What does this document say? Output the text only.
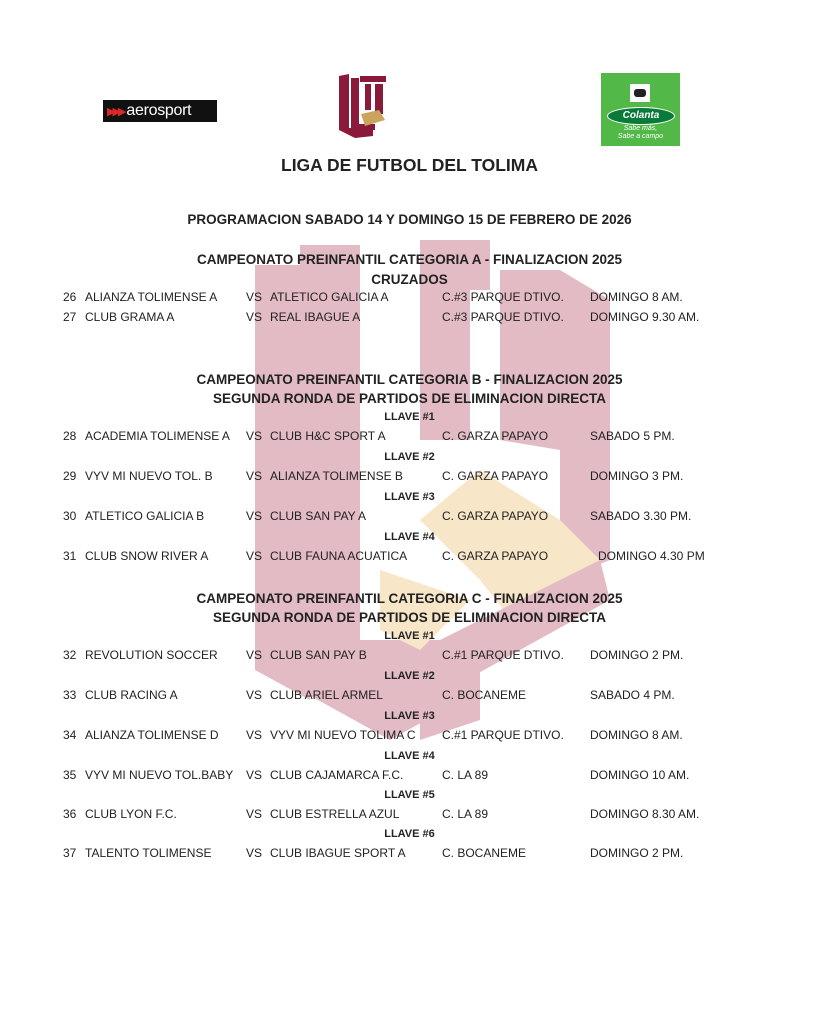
▶▶▶ aerosport	Colanta
Sabe más,
Sabe a campo
LIGA DE FUTBOL DEL TOLIMA
PROGRAMACION SABADO 14 Y DOMINGO 15 DE FEBRERO DE 2026
CAMPEONATO PREINFANTIL CATEGORIA A - FINALIZACION 2025
CRUZADOS
26 ALIANZA TOLIMENSE A VS ATLETICO GALICIA A	C.#3 PARQUE DTIVO. DOMINGO 8 AM.
27 CLUB GRAMA A	VS REAL IBAGUE A	C.#3 PARQUE DTIVO. DOMINGO 9.30 AM.
CAMPEONATO PREINFANTIL CATEGORIA B - FINALIZACION 2025
SEGUNDA RONDA DE PARTIDOS DE ELIMINACION DIRECTA
LLAVE #1
28 ACADEMIA TOLIMENSE A VS CLUB H&C SPORT A	C. GARZA PAPAYO	SABADO 5 PM.
LLAVE #2
29 VYV MI NUEVO TOL. B	VS ALIANZA TOLIMENSE B	C. GARZA PAPAYO	DOMINGO 3 PM.
LLAVE #3
30 ATLETICO GALICIA B	VS CLUB SAN PAY A	C. GARZA PAPAYO	SABADO 3.30 PM.
LLAVE #4
31 CLUB SNOW RIVER A	VS CLUB FAUNA ACUATICA	C. GARZA PAPAYO	DOMINGO 4.30 PM
CAMPEONATO PREINFANTIL CATEGORIA C - FINALIZACION 2025
SEGUNDA RONDA DE PARTIDOS DE ELIMINACION DIRECTA
LLAVE #1
32 REVOLUTION SOCCER VS CLUB SAN PAY B	C.#1 PARQUE DTIVO. DOMINGO 2 PM.
LLAVE #2
33 CLUB RACING A	VS CLUB ARIEL ARMEL	C. BOCANEME	SABADO 4 PM.
LLAVE #3
34 ALIANZA TOLIMENSE D VS VYV MI NUEVO TOLIMA C C.#1 PARQUE DTIVO. DOMINGO 8 AM.
LLAVE #4
35 VYV MI NUEVO TOL.BABY VS CLUB CAJAMARCA F.C.	C. LA 89	DOMINGO 10 AM.
LLAVE #5
36 CLUB LYON F.C.	VS CLUB ESTRELLA AZUL	C. LA 89	DOMINGO 8.30 AM.
LLAVE #6
37 TALENTO TOLIMENSE	VS CLUB IBAGUE SPORT A	C. BOCANEME	DOMINGO 2 PM.
